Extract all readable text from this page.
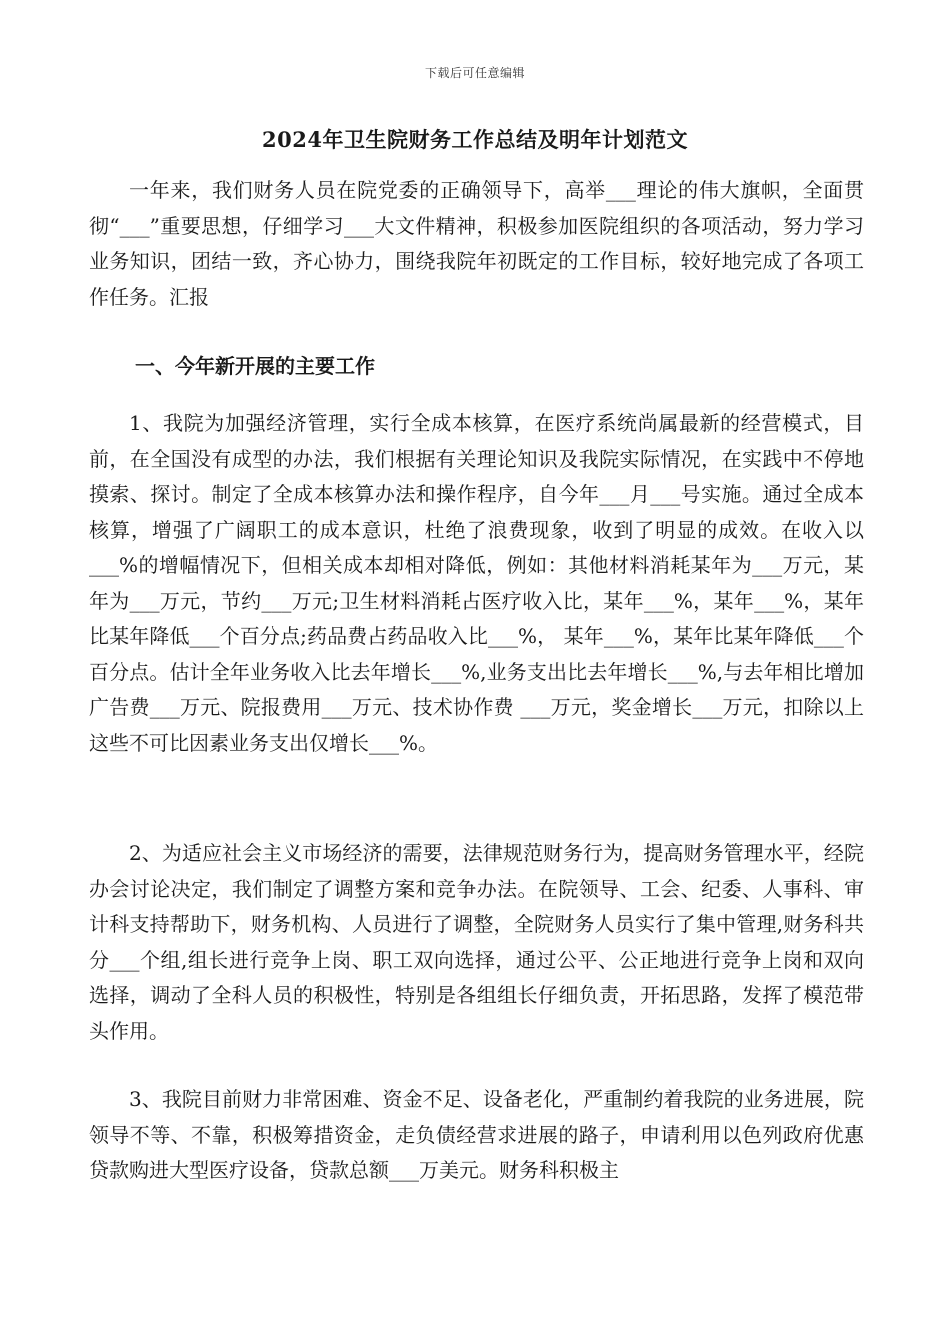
下载后可任意编辑
2024年卫生院财务工作总结及明年计划范文

一年来，我们财务人员在院党委的正确领导下，高举___理论的伟大旗帜，全面贯彻“___”重要思想，仔细学习___大文件精神，积极参加医院组织的各项活动，努力学习业务知识，团结一致，齐心协力，围绕我院年初既定的工作目标，较好地完成了各项工作任务。汇报

一、今年新开展的主要工作

1、我院为加强经济管理，实行全成本核算，在医疗系统尚属最新的经营模式，目前，在全国没有成型的办法，我们根据有关理论知识及我院实际情况，在实践中不停地摸索、探讨。制定了全成本核算办法和操作程序，自今年___月___号实施。通过全成本核算，增强了广阔职工的成本意识，杜绝了浪费现象，收到了明显的成效。在收入以___%的增幅情况下，但相关成本却相对降低，例如：其他材料消耗某年为___万元，某年为___万元，节约___万元;卫生材料消耗占医疗收入比，某年___%，某年___%，某年比某年降低___个百分点;药品费占药品收入比___%， 某年___%，某年比某年降低___个百分点。估计全年业务收入比去年增长___%,业务支出比去年增长___%,与去年相比增加广告费___万元、院报费用___万元、技术协作费 ___万元，奖金增长___万元，扣除以上这些不可比因素业务支出仅增长___%。

2、为适应社会主义市场经济的需要，法律规范财务行为，提高财务管理水平，经院办会讨论决定，我们制定了调整方案和竞争办法。在院领导、工会、纪委、人事科、审计科支持帮助下，财务机构、人员进行了调整，全院财务人员实行了集中管理,财务科共分___个组,组长进行竞争上岗、职工双向选择，通过公平、公正地进行竞争上岗和双向选择，调动了全科人员的积极性，特别是各组组长仔细负责，开拓思路，发挥了模范带头作用。

3、我院目前财力非常困难、资金不足、设备老化，严重制约着我院的业务进展，院领导不等、不靠，积极筹措资金，走负债经营求进展的路子，申请利用以色列政府优惠贷款购进大型医疗设备，贷款总额___万美元。财务科积极主
